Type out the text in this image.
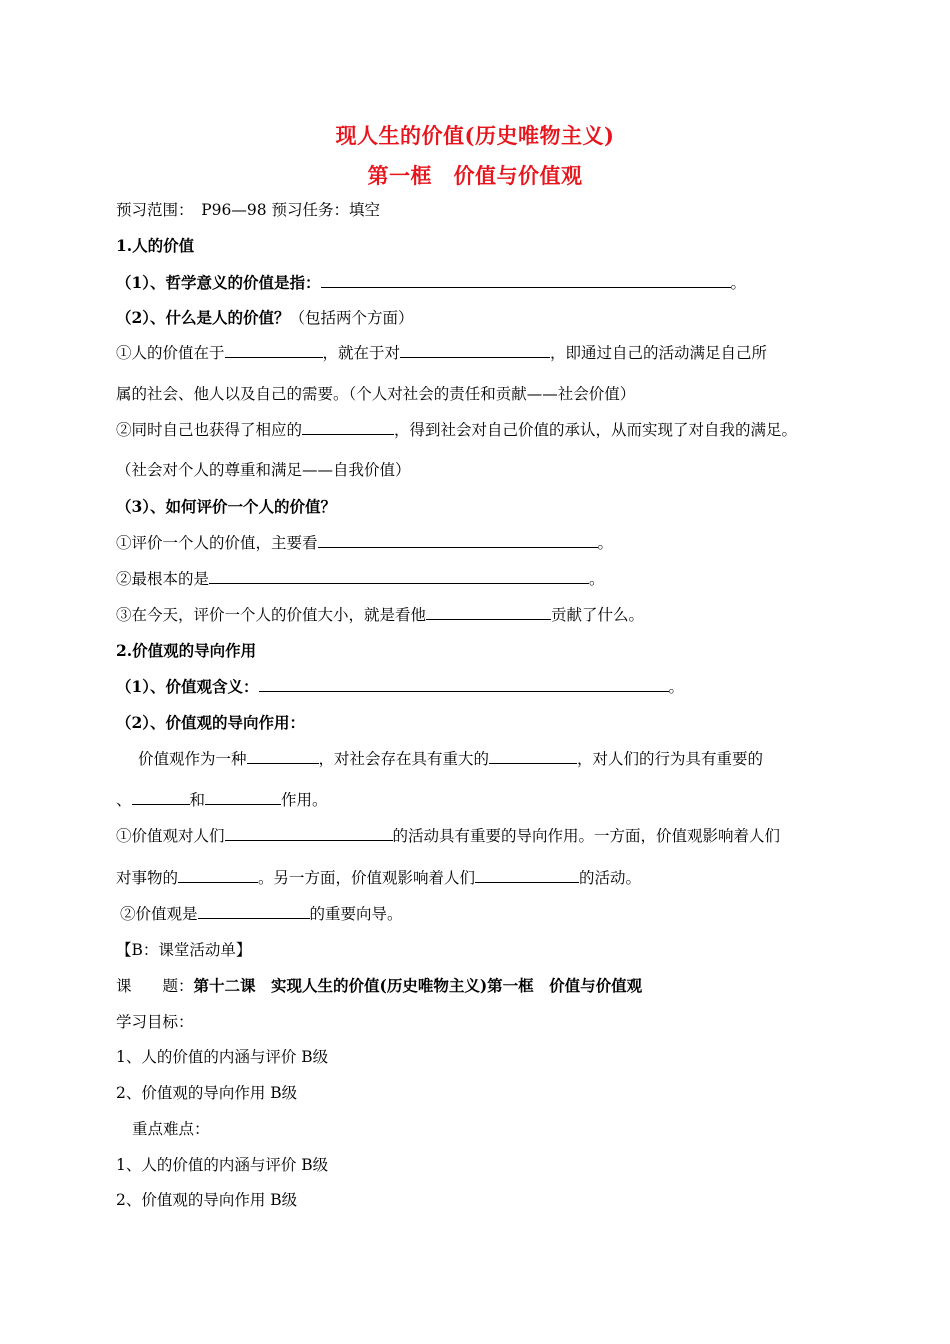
现人生的价值(历史唯物主义)
第一框　价值与价值观
预习范围：　P96—98 预习任务：填空
1.人的价值
（1）、哲学意义的价值是指：	。
（2）、什么是人的价值？（包括两个方面）
①人的价值在于	，就在于对	，即通过自己的活动满足自己所
属的社会、他人以及自己的需要。（个人对社会的责任和贡献——社会价值）
②同时自己也获得了相应的	，得到社会对自己价值的承认，从而实现了对自我的满足。
（社会对个人的尊重和满足——自我价值）
（3）、如何评价一个人的价值？
①评价一个人的价值，主要看	。
②最根本的是	。
③在今天，评价一个人的价值大小，就是看他	贡献了什么。
2.价值观的导向作用
（1）、价值观含义：	。
（2）、价值观的导向作用：
价值观作为一种	，对社会存在具有重大的	，对人们的行为具有重要的
、	和	作用。
①价值观对人们	的活动具有重要的导向作用。一方面，价值观影响着人们
对事物的	。另一方面，价值观影响着人们	的活动。
②价值观是	的重要向导。
【B：课堂活动单】
课　　题：第十二课　实现人生的价值(历史唯物主义)第一框　价值与价值观
学习目标：
1、人的价值的内涵与评价 B级
2、价值观的导向作用 B级
重点难点：
1、人的价值的内涵与评价 B级
2、价值观的导向作用 B级
